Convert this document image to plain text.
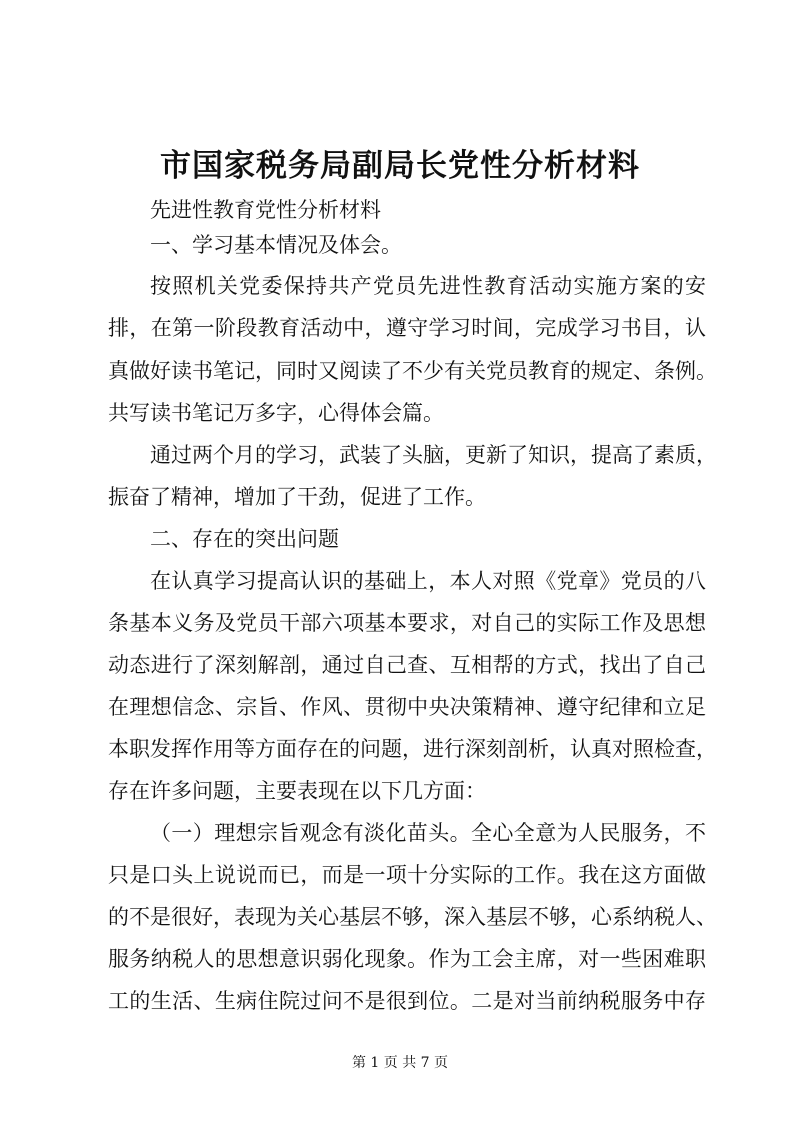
市国家税务局副局长党性分析材料
先进性教育党性分析材料
一、学习基本情况及体会。
按照机关党委保持共产党员先进性教育活动实施方案的安
排，在第一阶段教育活动中，遵守学习时间，完成学习书目，认
真做好读书笔记，同时又阅读了不少有关党员教育的规定、条例。
共写读书笔记万多字，心得体会篇。
通过两个月的学习，武装了头脑，更新了知识，提高了素质，
振奋了精神，增加了干劲，促进了工作。
二、存在的突出问题
在认真学习提高认识的基础上，本人对照《党章》党员的八
条基本义务及党员干部六项基本要求，对自己的实际工作及思想
动态进行了深刻解剖，通过自己查、互相帮的方式，找出了自己
在理想信念、宗旨、作风、贯彻中央决策精神、遵守纪律和立足
本职发挥作用等方面存在的问题，进行深刻剖析，认真对照检查，
存在许多问题，主要表现在以下几方面：
（一）理想宗旨观念有淡化苗头。全心全意为人民服务，不
只是口头上说说而已，而是一项十分实际的工作。我在这方面做
的不是很好，表现为关心基层不够，深入基层不够，心系纳税人、
服务纳税人的思想意识弱化现象。作为工会主席，对一些困难职
工的生活、生病住院过问不是很到位。二是对当前纳税服务中存
第 1 页 共 7 页
